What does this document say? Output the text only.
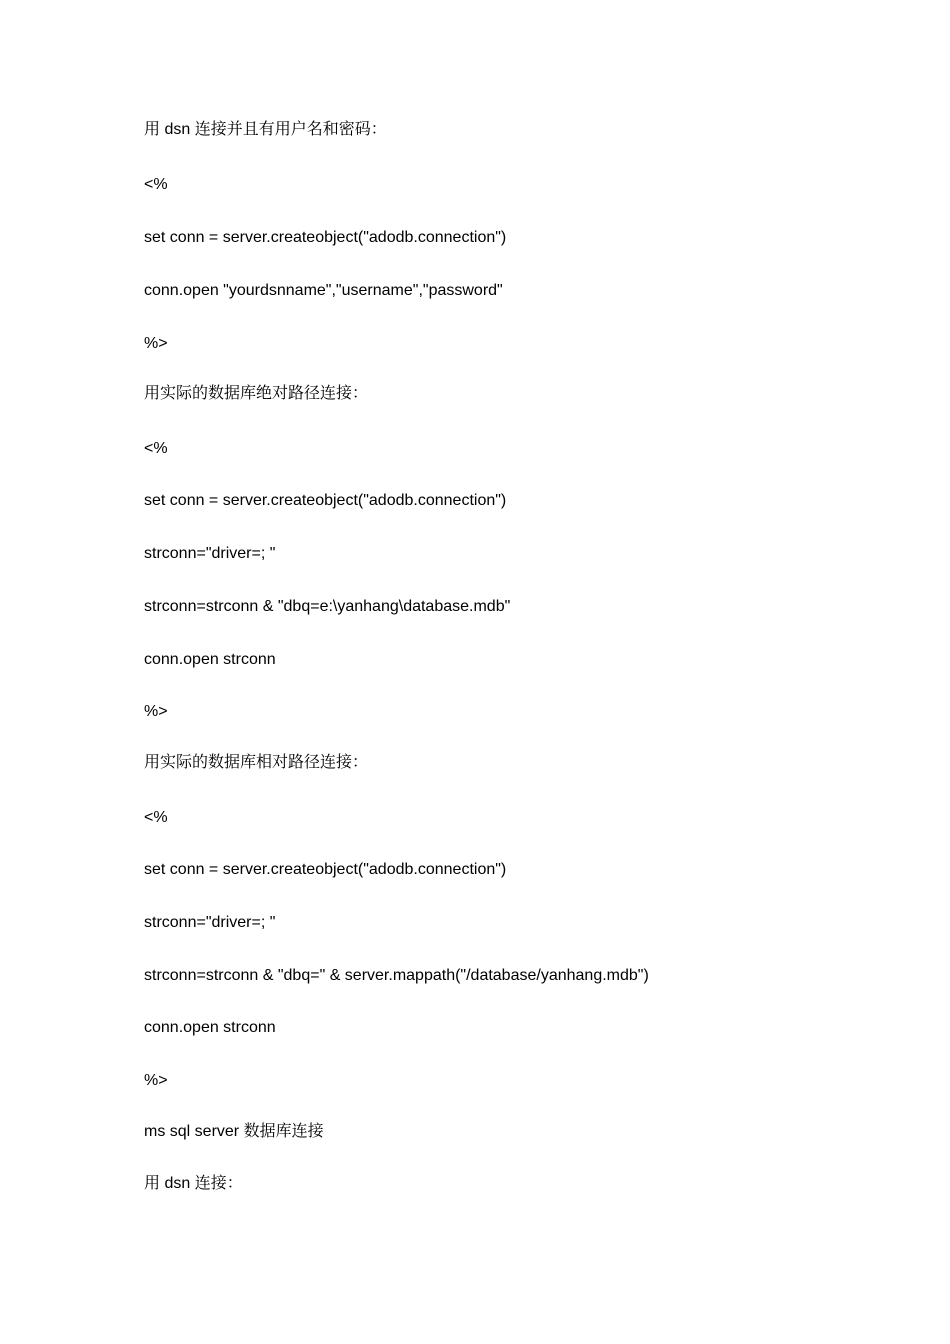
用 dsn 连接并且有用户名和密码：
<%
set conn = server.createobject("adodb.connection")
conn.open "yourdsnname","username","password"
%>
用实际的数据库绝对路径连接：
<%
set conn = server.createobject("adodb.connection")
strconn="driver=; "
strconn=strconn & "dbq=e:\yanhang\database.mdb"
conn.open strconn
%>
用实际的数据库相对路径连接：
<%
set conn = server.createobject("adodb.connection")
strconn="driver=; "
strconn=strconn & "dbq=" & server.mappath("/database/yanhang.mdb")
conn.open strconn
%>
ms sql server 数据库连接
用 dsn 连接：
